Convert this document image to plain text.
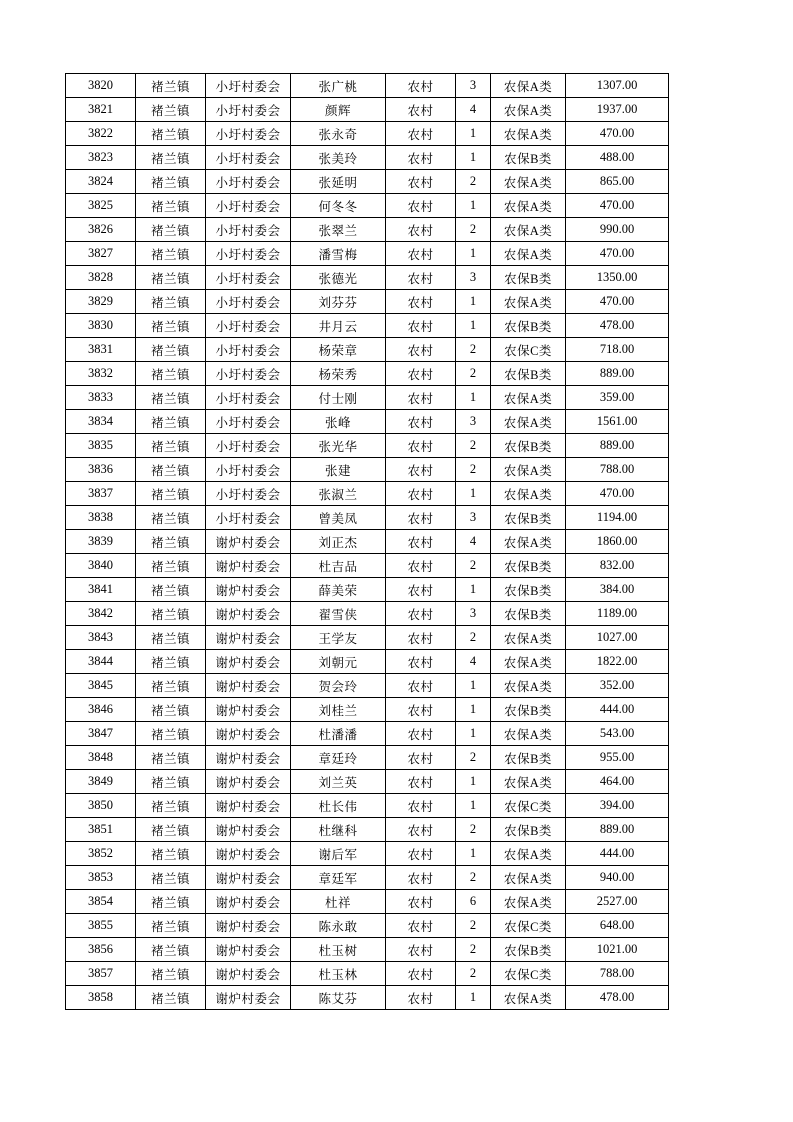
3820	褚兰镇	小圩村委会	张广桃	农村	3	农保A类	1307.00
3821	褚兰镇	小圩村委会	颜辉	农村	4	农保A类	1937.00
3822	褚兰镇	小圩村委会	张永奇	农村	1	农保A类	470.00
3823	褚兰镇	小圩村委会	张美玲	农村	1	农保B类	488.00
3824	褚兰镇	小圩村委会	张延明	农村	2	农保A类	865.00
3825	褚兰镇	小圩村委会	何冬冬	农村	1	农保A类	470.00
3826	褚兰镇	小圩村委会	张翠兰	农村	2	农保A类	990.00
3827	褚兰镇	小圩村委会	潘雪梅	农村	1	农保A类	470.00
3828	褚兰镇	小圩村委会	张德光	农村	3	农保B类	1350.00
3829	褚兰镇	小圩村委会	刘芬芬	农村	1	农保A类	470.00
3830	褚兰镇	小圩村委会	井月云	农村	1	农保B类	478.00
3831	褚兰镇	小圩村委会	杨荣章	农村	2	农保C类	718.00
3832	褚兰镇	小圩村委会	杨荣秀	农村	2	农保B类	889.00
3833	褚兰镇	小圩村委会	付士刚	农村	1	农保A类	359.00
3834	褚兰镇	小圩村委会	张峰	农村	3	农保A类	1561.00
3835	褚兰镇	小圩村委会	张光华	农村	2	农保B类	889.00
3836	褚兰镇	小圩村委会	张建	农村	2	农保A类	788.00
3837	褚兰镇	小圩村委会	张淑兰	农村	1	农保A类	470.00
3838	褚兰镇	小圩村委会	曾美凤	农村	3	农保B类	1194.00
3839	褚兰镇	谢炉村委会	刘正杰	农村	4	农保A类	1860.00
3840	褚兰镇	谢炉村委会	杜吉品	农村	2	农保B类	832.00
3841	褚兰镇	谢炉村委会	薛美荣	农村	1	农保B类	384.00
3842	褚兰镇	谢炉村委会	翟雪侠	农村	3	农保B类	1189.00
3843	褚兰镇	谢炉村委会	王学友	农村	2	农保A类	1027.00
3844	褚兰镇	谢炉村委会	刘朝元	农村	4	农保A类	1822.00
3845	褚兰镇	谢炉村委会	贺会玲	农村	1	农保A类	352.00
3846	褚兰镇	谢炉村委会	刘桂兰	农村	1	农保B类	444.00
3847	褚兰镇	谢炉村委会	杜潘潘	农村	1	农保A类	543.00
3848	褚兰镇	谢炉村委会	章廷玲	农村	2	农保B类	955.00
3849	褚兰镇	谢炉村委会	刘兰英	农村	1	农保A类	464.00
3850	褚兰镇	谢炉村委会	杜长伟	农村	1	农保C类	394.00
3851	褚兰镇	谢炉村委会	杜继科	农村	2	农保B类	889.00
3852	褚兰镇	谢炉村委会	谢后军	农村	1	农保A类	444.00
3853	褚兰镇	谢炉村委会	章廷军	农村	2	农保A类	940.00
3854	褚兰镇	谢炉村委会	杜祥	农村	6	农保A类	2527.00
3855	褚兰镇	谢炉村委会	陈永敢	农村	2	农保C类	648.00
3856	褚兰镇	谢炉村委会	杜玉树	农村	2	农保B类	1021.00
3857	褚兰镇	谢炉村委会	杜玉林	农村	2	农保C类	788.00
3858	褚兰镇	谢炉村委会	陈艾芬	农村	1	农保A类	478.00
